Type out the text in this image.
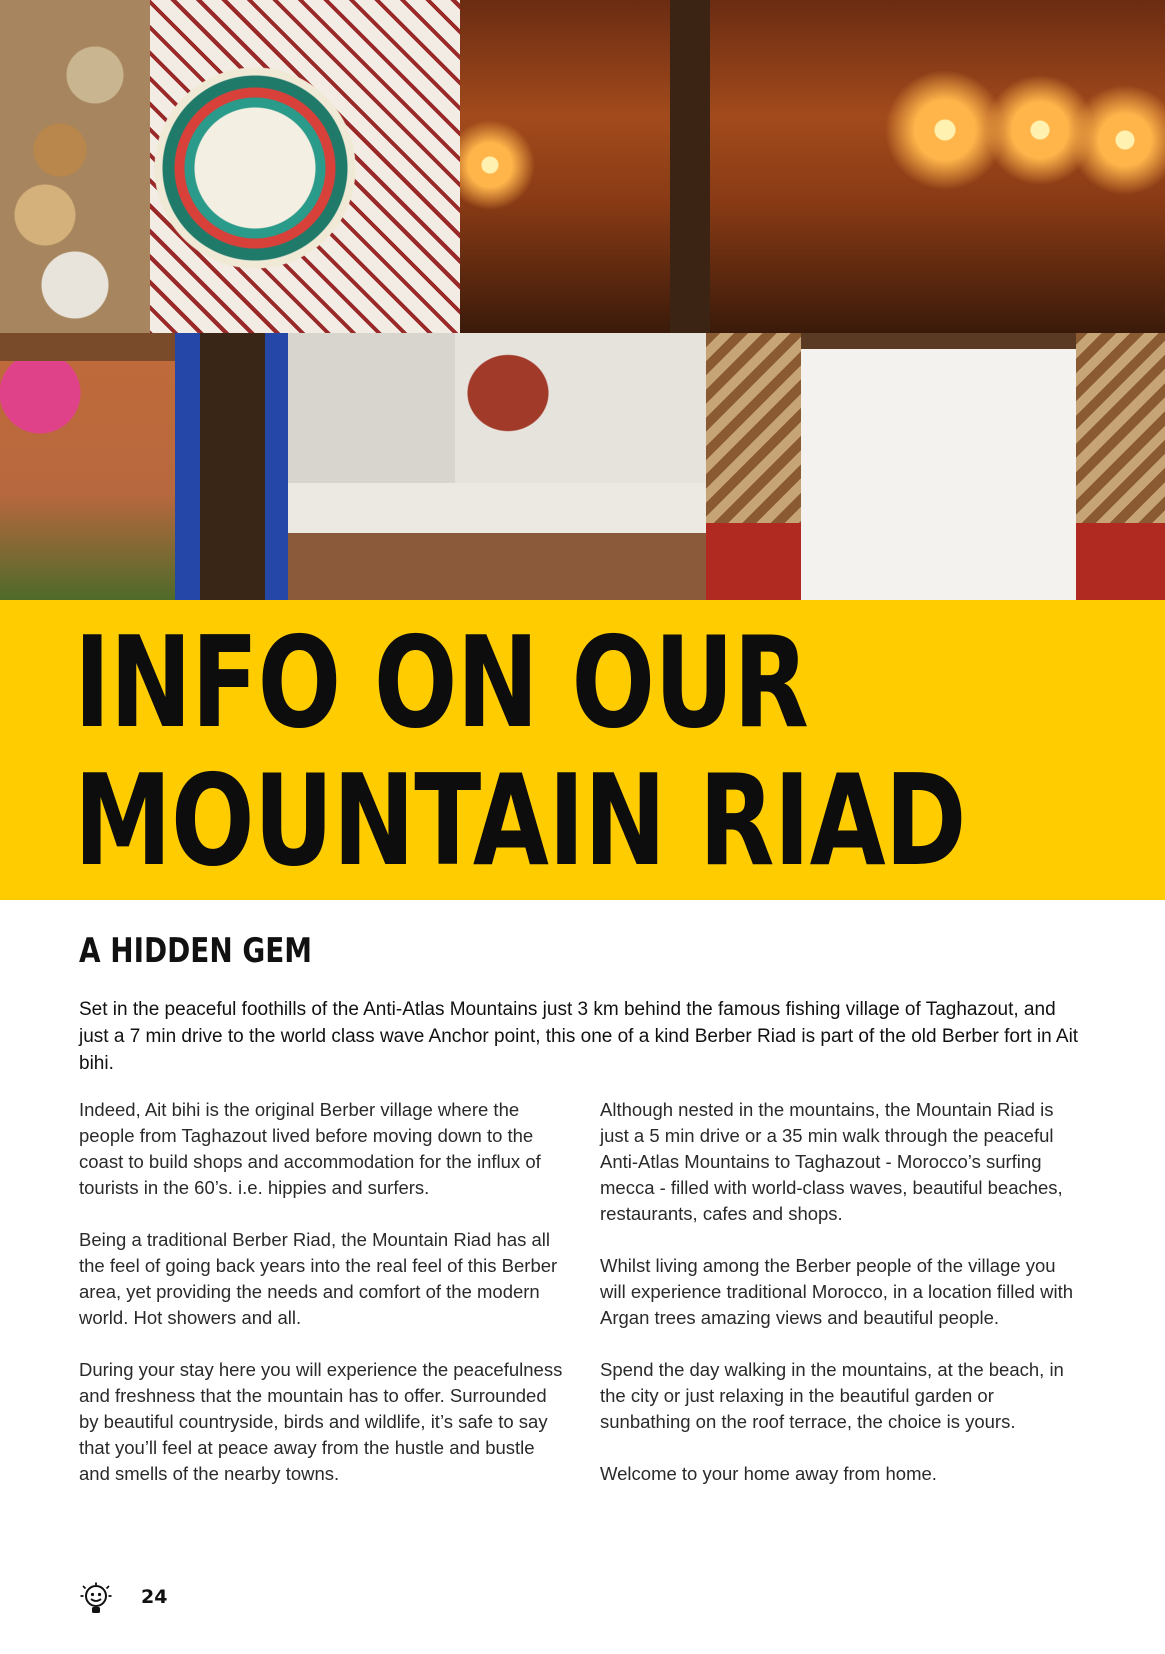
INFO ON OUR
MOUNTAIN RIAD
A HIDDEN GEM

Set in the peaceful foothills of the Anti-Atlas Mountains just 3 km behind the famous fishing village of Taghazout, and just a 7 min drive to the world class wave Anchor point, this one of a kind Berber Riad is part of the old Berber fort in Ait bihi.

Indeed, Ait bihi is the original Berber village where the people from Taghazout lived before moving down to the coast to build shops and accommodation for the influx of tourists in the 60’s. i.e. hippies and surfers.

Being a traditional Berber Riad, the Mountain Riad has all the feel of going back years into the real feel of this Berber area, yet providing the needs and comfort of the modern world. Hot showers and all.

During your stay here you will experience the peacefulness and freshness that the mountain has to offer. Surrounded by beautiful countryside, birds and wildlife, it’s safe to say that you’ll feel at peace away from the hustle and bustle and smells of the nearby towns.

Although nested in the mountains, the Mountain Riad is just a 5 min drive or a 35 min walk through the peaceful Anti-Atlas Mountains to Taghazout - Morocco’s surfing mecca - filled with world-class waves, beautiful beaches, restaurants, cafes and shops.

Whilst living among the Berber people of the village you will experience traditional Morocco, in a location filled with Argan trees amazing views and beautiful people.

Spend the day walking in the mountains, at the beach, in the city or just relaxing in the beautiful garden or sunbathing on the roof terrace, the choice is yours.

Welcome to your home away from home.

24
